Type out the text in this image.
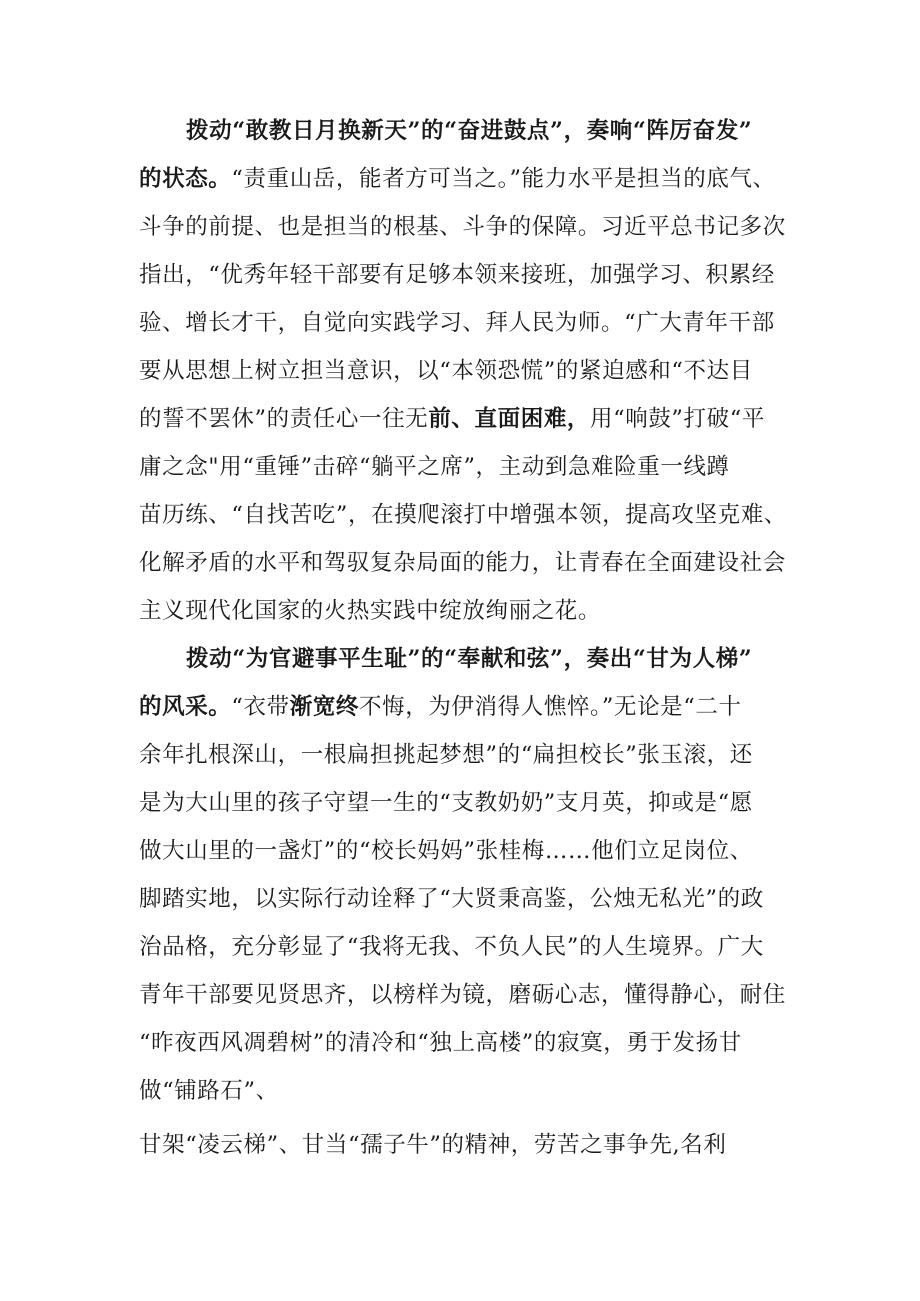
拨动“敢教日月换新天”的“奋进鼓点”，奏响“阵厉奋发”
的状态。“责重山岳，能者方可当之。”能力水平是担当的底气、
斗争的前提、也是担当的根基、斗争的保障。习近平总书记多次
指出，“优秀年轻干部要有足够本领来接班，加强学习、积累经
验、增长才干，自觉向实践学习、拜人民为师。“广大青年干部
要从思想上树立担当意识，以“本领恐慌”的紧迫感和“不达目
的誓不罢休”的责任心一往无前、直面困难，用“响鼓”打破“平
庸之念"用“重锤”击碎“躺平之席”，主动到急难险重一线蹲
苗历练、“自找苦吃”，在摸爬滚打中增强本领，提高攻坚克难、
化解矛盾的水平和驾驭复杂局面的能力，让青春在全面建设社会
主义现代化国家的火热实践中绽放绚丽之花。
拨动“为官避事平生耻”的“奉献和弦”，奏出“甘为人梯”
的风采。“衣带渐宽终不悔，为伊消得人憔悴。”无论是“二十
余年扎根深山，一根扁担挑起梦想”的“扁担校长”张玉滚，还
是为大山里的孩子守望一生的“支教奶奶”支月英，抑或是“愿
做大山里的一盏灯”的“校长妈妈”张桂梅……他们立足岗位、
脚踏实地，以实际行动诠释了“大贤秉高鉴，公烛无私光”的政
治品格，充分彰显了“我将无我、不负人民”的人生境界。广大
青年干部要见贤思齐，以榜样为镜，磨砺心志，懂得静心，耐住
“昨夜西风凋碧树”的清冷和“独上高楼”的寂寞，勇于发扬甘
做“铺路石”、
甘架“凌云梯”、甘当“孺子牛”的精神，劳苦之事争先,名利
